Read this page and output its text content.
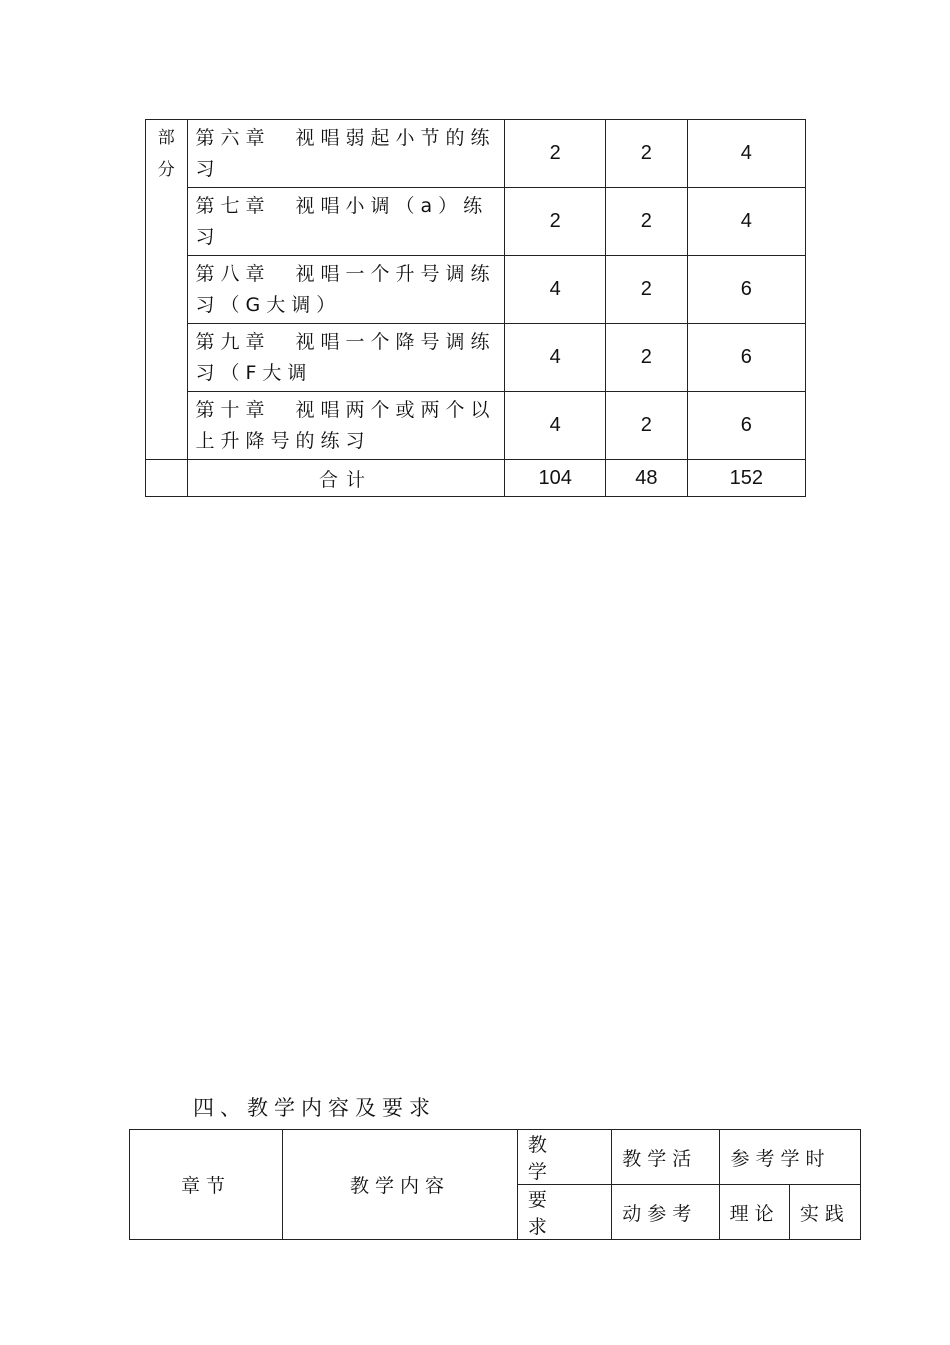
部
分	第六章　视唱弱起小节的练习	2	2	4
	第七章　视唱小调（a）练习	2	2	4
	第八章　视唱一个升号调练习（G大调）	4	2	6
	第九章　视唱一个降号调练习（F大调	4	2	6
	第十章　视唱两个或两个以上升降号的练习	4	2	6
	合计	104	48	152
四、教学内容及要求
章节	教学内容	教 学	教学活	参考学时	
		要 求	动参考	理论	实践
